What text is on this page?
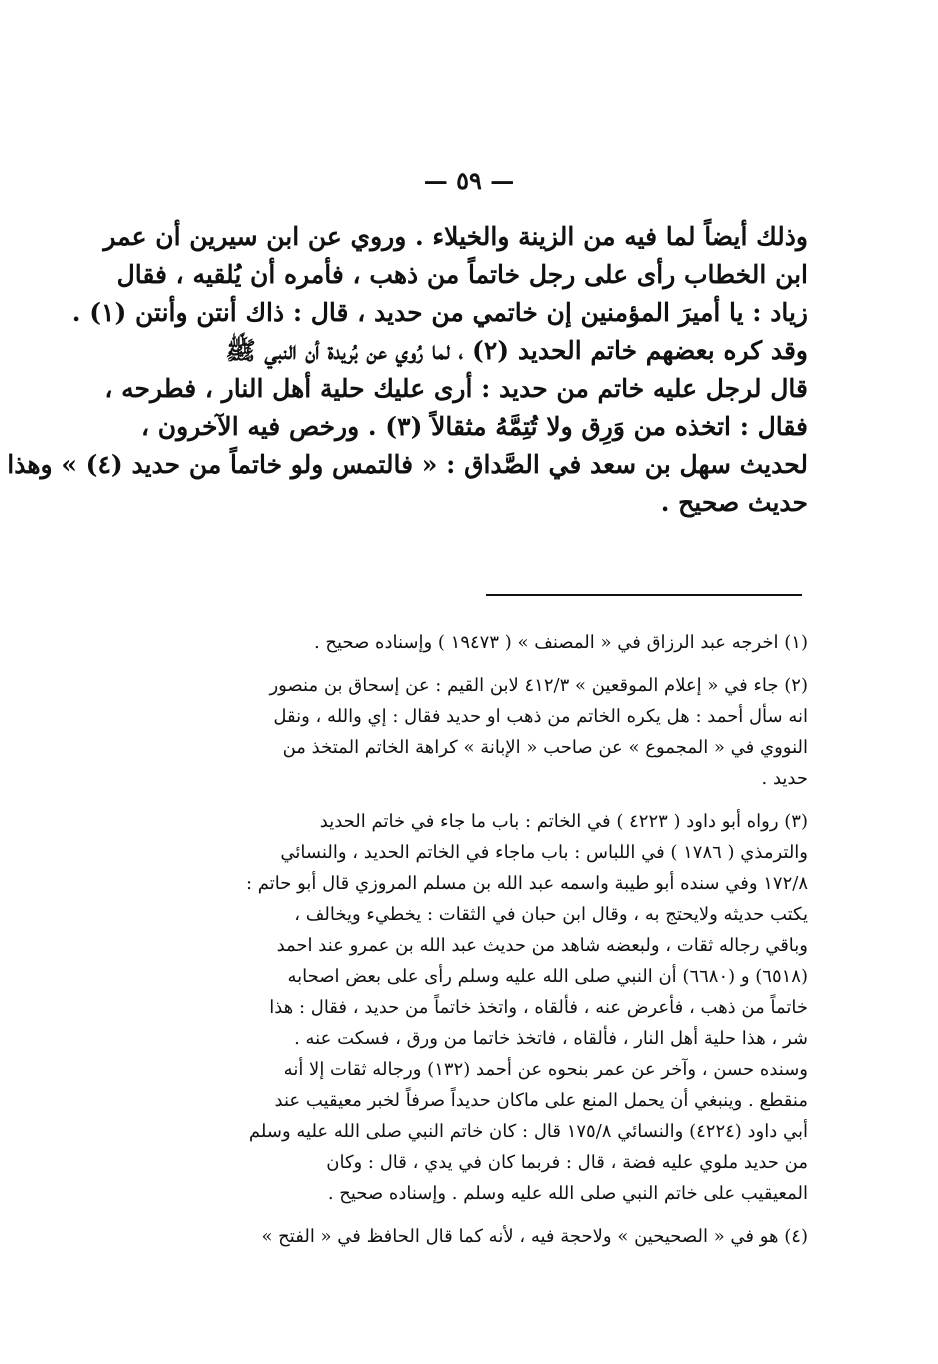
— ٥٩ —

وذلك أيضاً لما فيه من الزينة والخيلاء . وروي عن ابن سيرين أن عمر

ابن الخطاب رأى على رجل خاتماً من ذهب ، فأمره أن يُلقيه ، فقال

زياد : يا أميرَ المؤمنين إن خاتمي من حديد ، قال : ذاك أنتن وأنتن (١) .

وقد كره بعضهم خاتم الحديد (٢) ، لما رُوي عن بُريدة أن النبي ﷺ

قال لرجل عليه خاتم من حديد : أرى عليك حلية أهل النار ، فطرحه ،

فقال : اتخذه من وَرِق ولا تُتِمَّهُ مثقالاً (٣) . ورخص فيه الآخرون ،

لحديث سهل بن سعد في الصَّداق : « فالتمس ولو خاتماً من حديد (٤) » وهذا

حديث صحيح .

(١) اخرجه عبد الرزاق في « المصنف » ( ١٩٤٧٣ ) وإسناده صحيح .

(٢) جاء في « إعلام الموقعين » ٤١٢/٣ لابن القيم : عن إسحاق بن منصور

انه سأل أحمد : هل يكره الخاتم من ذهب او حديد فقال : إي والله ، ونقل

النووي في « المجموع » عن صاحب « الإبانة » كراهة الخاتم المتخذ من

حديد .

(٣) رواه أبو داود ( ٤٢٢٣ ) في الخاتم : باب ما جاء في خاتم الحديد

والترمذي ( ١٧٨٦ ) في اللباس : باب ماجاء في الخاتم الحديد ، والنسائي

١٧٢/٨ وفي سنده أبو طيبة واسمه عبد الله بن مسلم المروزي قال أبو حاتم :

يكتب حديثه ولايحتج به ، وقال ابن حبان في الثقات : يخطيء ويخالف ،

وباقي رجاله ثقات ، ولبعضه شاهد من حديث عبد الله بن عمرو عند احمد

(٦٥١٨) و (٦٦٨٠) أن النبي صلى الله عليه وسلم رأى على بعض اصحابه

خاتماً من ذهب ، فأعرض عنه ، فألقاه ، واتخذ خاتماً من حديد ، فقال : هذا

شر ، هذا حلية أهل النار ، فألقاه ، فاتخذ خاتما من ورق ، فسكت عنه .

وسنده حسن ، وآخر عن عمر بنحوه عن أحمد (١٣٢) ورجاله ثقات إلا أنه

منقطع . وينبغي أن يحمل المنع على ماكان حديداً صرفاً لخبر معيقيب عند

أبي داود (٤٢٢٤) والنسائي ١٧٥/٨ قال : كان خاتم النبي صلى الله عليه وسلم

من حديد ملوي عليه فضة ، قال : فربما كان في يدي ، قال : وكان

المعيقيب على خاتم النبي صلى الله عليه وسلم . وإسناده صحيح .

(٤) هو في « الصحيحين » ولاحجة فيه ، لأنه كما قال الحافظ في « الفتح »
